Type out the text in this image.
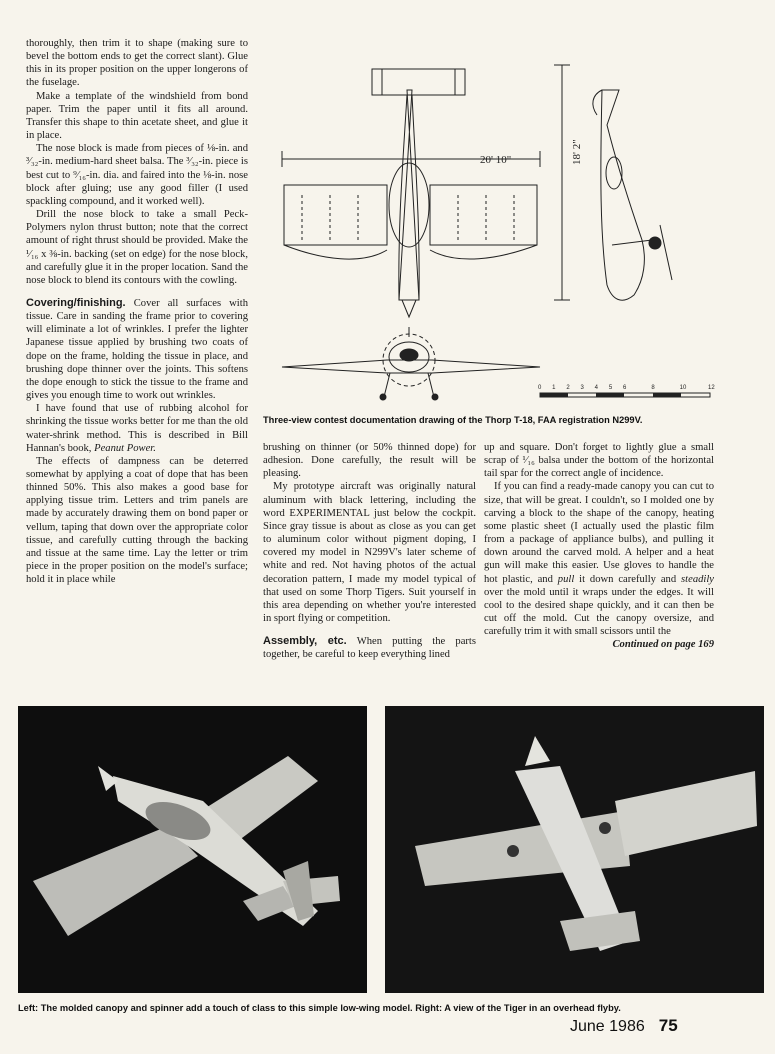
thoroughly, then trim it to shape (making sure to bevel the bottom ends to get the correct slant). Glue this in its proper position on the upper longerons of the fuselage.

Make a template of the windshield from bond paper. Trim the paper until it fits all around. Transfer this shape to thin acetate sheet, and glue it in place.

The nose block is made from pieces of ⅛-in. and ³⁄₃₂-in. medium-hard sheet balsa. The ³⁄₃₂-in. piece is best cut to ⁹⁄₁₆-in. dia. and faired into the ⅛-in. nose block after gluing; use any good filler (I used spackling compound, and it worked well).

Drill the nose block to take a small Peck-Polymers nylon thrust button; note that the correct amount of right thrust should be provided. Make the ¹⁄₁₆ x ⅜-in. backing (set on edge) for the nose block, and carefully glue it in the proper location. Sand the nose block to blend its contours with the cowling.

Covering/finishing. Cover all surfaces with tissue. Care in sanding the frame prior to covering will eliminate a lot of wrinkles. I prefer the lighter Japanese tissue applied by brushing two coats of dope on the frame, holding the tissue in place, and brushing dope thinner over the joints. This softens the dope enough to stick the tissue to the frame and gives you enough time to work out wrinkles.

I have found that use of rubbing alcohol for shrinking the tissue works better for me than the old water-shrink method. This is described in Bill Hannan's book, Peanut Power.

The effects of dampness can be deterred somewhat by applying a coat of dope that has been thinned 50%. This also makes a good base for applying tissue trim. Letters and trim panels are made by accurately drawing them on bond paper or vellum, taping that down over the appropriate color tissue, and carefully cutting through the backing and tissue at the same time. Lay the letter or trim piece in the proper position on the model's surface; hold it in place while

20' 10"	18' 2"
0 1 2 3 4 5 6	8	10	12
Three-view contest documentation drawing of the Thorp T-18, FAA registration N299V.

brushing on thinner (or 50% thinned dope) for adhesion. Done carefully, the result will be pleasing.

My prototype aircraft was originally natural aluminum with black lettering, including the word EXPERIMENTAL just below the cockpit. Since gray tissue is about as close as you can get to aluminum color without pigment doping, I covered my model in N299V's later scheme of white and red. Not having photos of the actual decoration pattern, I made my model typical of that used on some Thorp Tigers. Suit yourself in this area depending on whether you're interested in sport flying or competition.

Assembly, etc. When putting the parts together, be careful to keep everything lined

up and square. Don't forget to lightly glue a small scrap of ¹⁄₁₆ balsa under the bottom of the horizontal tail spar for the correct angle of incidence.

If you can find a ready-made canopy you can cut to size, that will be great. I couldn't, so I molded one by carving a block to the shape of the canopy, heating some plastic sheet (I actually used the plastic film from a package of appliance bulbs), and pulling it down around the carved mold. A helper and a heat gun will make this easier. Use gloves to handle the hot plastic, and pull it down carefully and steadily over the mold until it wraps under the edges. It will cool to the desired shape quickly, and it can then be cut off the mold. Cut the canopy oversize, and carefully trim it with small scissors until the

Continued on page 169

Left: The molded canopy and spinner add a touch of class to this simple low-wing model. Right: A view of the Tiger in an overhead flyby.
June 1986 75
